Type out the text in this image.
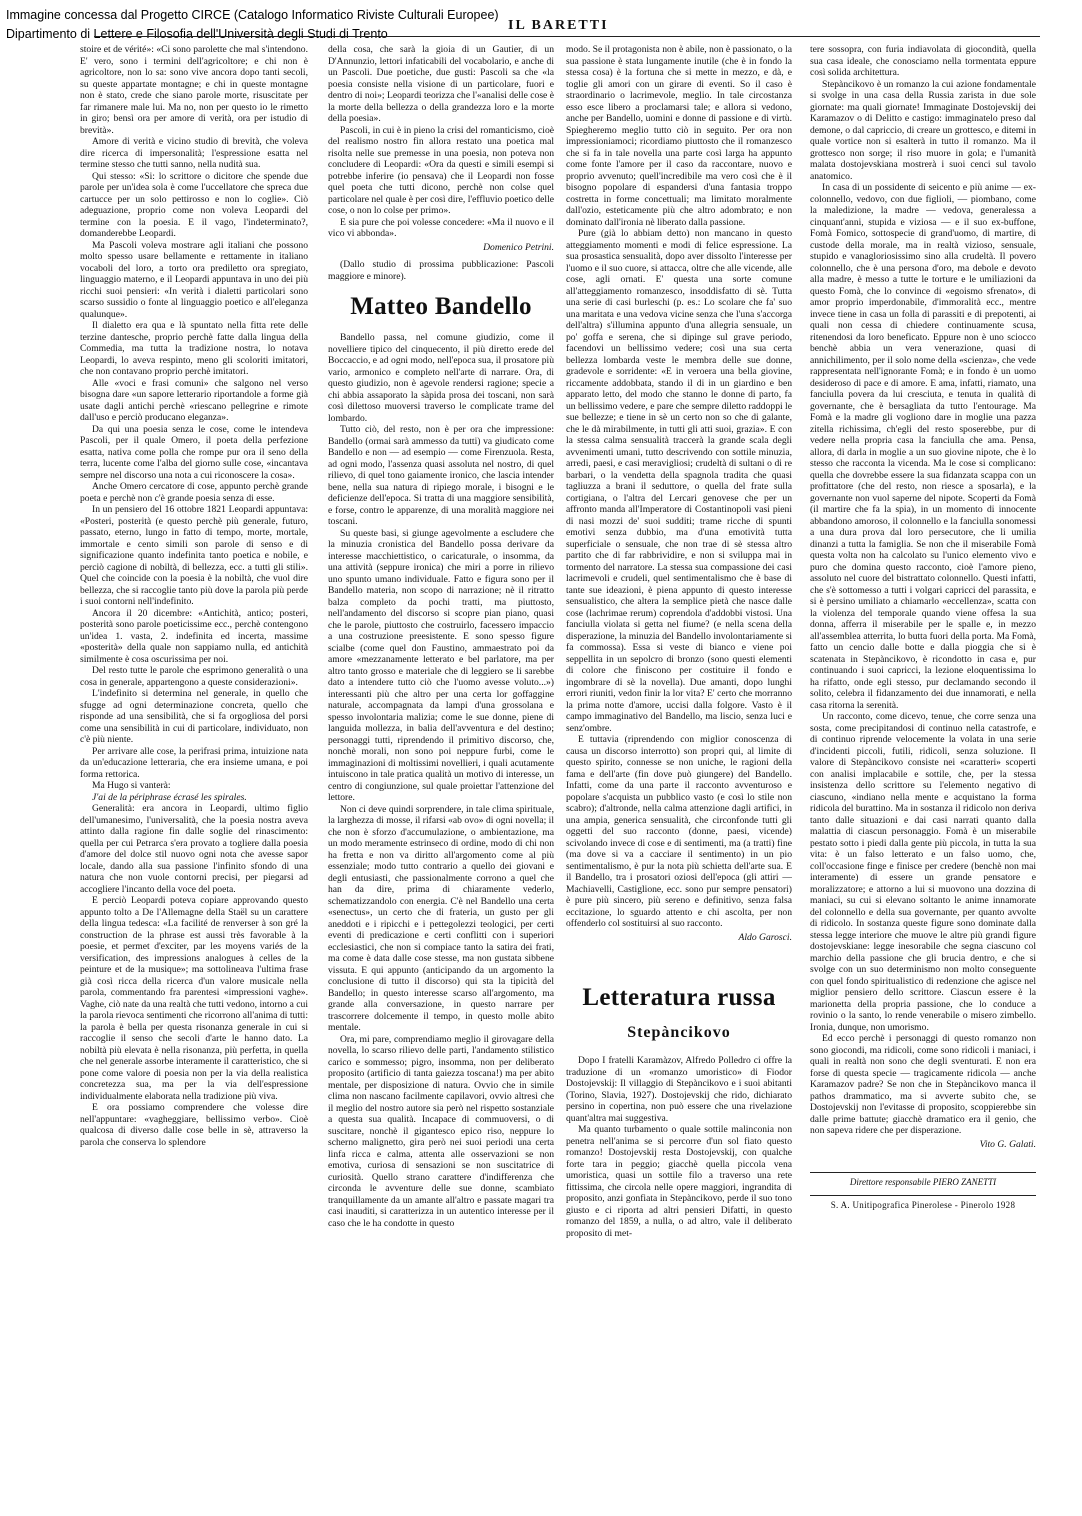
Immagine concessa dal Progetto CIRCE (Catalogo Informatico Riviste Culturali Europee)
Dipartimento di Lettere e Filosofia dell'Università degli Studi di Trento
IL BARETTI

stoire et de vérité»: «Ci sono parolette che mal s'intendono. E' vero, sono i termini dell'agricoltore; e chi non è agricoltore, non lo sa: sono vive ancora dopo tanti secoli, su queste appartate montagne; e chi in queste montagne non è stato, crede che siano parole morte, risuscitate per far rimanere male lui. Ma no, non per questo io le rimetto in giro; bensì ora per amore di verità, ora per istudio di brevità».

Amore di verità e vicino studio di brevità, che voleva dire ricerca di impersonalità; l'espressione esatta nel termine stesso che tutti sanno, nella nudità sua.

Qui stesso: «Si: lo scrittore o dicitore che spende due parole per un'idea sola è come l'uccellatore che spreca due cartucce per un solo pettirosso e non lo coglie». Ciò adeguazione, proprio come non voleva Leopardi del termine con la poesia. E il vago, l'indeterminato?, domanderebbe Leopardi.

Ma Pascoli voleva mostrare agli italiani che possono molto spesso usare bellamente e rettamente in italiano vocaboli del loro, a torto ora prediletto ora spregiato, linguaggio materno, e il Leopardi appuntava in uno dei più ricchi suoi pensieri: «In verità i dialetti particolari sono scarso sussidio o fonte al linguaggio poetico e all'eleganza qualunque».

Il dialetto era qua e là spuntato nella fitta rete delle terzine dantesche, proprio perchè fatte dalla lingua della Commedia, ma tutta la tradizione nostra, lo notava Leopardi, lo aveva respinto, meno gli scoloriti imitatori, che non contavano proprio perchè imitatori.

Alle «voci e frasi comuni» che salgono nel verso bisogna dare «un sapore letterario riportandole a forme già usate dagli antichi perchè «riescano pellegrine e rimote dall'uso e perciò producano eleganza».

Da qui una poesia senza le cose, come le intendeva Pascoli, per il quale Omero, il poeta della perfezione esatta, nativa come polla che rompe pur ora il seno della terra, lucente come l'alba del giorno sulle cose, «incantava sempre nel discorso una nota a cui riconoscere la cosa».

Anche Omero cercatore di cose, appunto perchè grande poeta e perchè non c'è grande poesia senza di esse.

In un pensiero del 16 ottobre 1821 Leopardi appuntava: «Posteri, posterità (e questo perchè più generale, futuro, passato, eterno, lungo in fatto di tempo, morte, mortale, immortale e cento simili son parole di senso e di significazione quanto indefinita tanto poetica e nobile, e perciò cagione di nobiltà, di bellezza, ecc. a tutti gli stili». Quel che coincide con la poesia è la nobiltà, che vuol dire bellezza, che si raccoglie tanto più dove la parola più perde i suoi contorni nell'indefinito.

Ancora il 20 dicembre: «Antichità, antico; posteri, posterità sono parole poeticissime ecc., perchè contengono un'idea 1. vasta, 2. indefinita ed incerta, massime «posterità» della quale non sappiamo nulla, ed antichità similmente è cosa oscurissima per noi.

Del resto tutte le parole che esprimono generalità o una cosa in generale, appartengono a queste considerazioni».

L'indefinito si determina nel generale, in quello che sfugge ad ogni determinazione concreta, quello che risponde ad una sensibilità, che si fa orgogliosa del porsi come una sensibilità in cui di particolare, individuato, non c'è più niente.

Per arrivare alle cose, la perifrasi prima, intuizione nata da un'educazione letteraria, che era insieme umana, e poi forma rettorica.

Ma Hugo si vanterà:

J'ai de la périphrase écrasé les spirales.

Generalità: era ancora in Leopardi, ultimo figlio dell'umanesimo, l'universalità, che la poesia nostra aveva attinto dalla ragione fin dalle soglie del rinascimento: quella per cui Petrarca s'era provato a togliere dalla poesia d'amore del dolce stil nuovo ogni nota che avesse sapor locale, dando alla sua passione l'infinito sfondo di una natura che non vuole contorni precisi, per piegarsi ad accogliere l'incanto della voce del poeta.

E perciò Leopardi poteva copiare approvando questo appunto tolto a De l'Allemagne della Staël su un carattere della lingua tedesca: «La facilité de renverser à son gré la construction de la phrase est aussi très favorable à la poesie, et permet d'exciter, par les moyens variés de la versification, des impressions analogues à celles de la peinture et de la musique»; ma sottolineava l'ultima frase già così ricca della ricerca d'un valore musicale nella parola, commentando fra parentesi «impressioni vaghe». Vaghe, ciò nate da una realtà che tutti vedono, intorno a cui la parola rievoca sentimenti che ricorrono all'anima di tutti: la parola è bella per questa risonanza generale in cui si raccoglie il senso che secoli d'arte le hanno dato. La nobiltà più elevata è nella risonanza, più perfetta, in quella che nel generale assorbe interamente il caratteristico, che si pone come valore di poesia non per la via della realistica concretezza sua, ma per la via dell'espressione individualmente elaborata nella tradizione più viva.

E ora possiamo comprendere che volesse dire nell'appuntare: «vagheggiare, bellissimo verbo». Cioè qualcosa di diverso dalle cose belle in sè, attraverso la parola che conserva lo splendore

della cosa, che sarà la gioia di un Gautier, di un D'Annunzio, lettori infaticabili del vocabolario, e anche di un Pascoli. Due poetiche, due gusti: Pascoli sa che «la poesia consiste nella visione di un particolare, fuori e dentro di noi»; Leopardi teorizza che l'«analisi delle cose è la morte della bellezza o della grandezza loro e la morte della poesia».

Pascoli, in cui è in pieno la crisi del romanticismo, cioè del realismo nostro fin allora restato una poetica mal risolta nelle sue premesse in una poesia, non poteva non concludere di Leopardi: «Ora da questi e simili esempi si potrebbe inferire (io pensava) che il Leopardi non fosse quel poeta che tutti dicono, perchè non colse quel particolare nel quale è per così dire, l'effluvio poetico delle cose, o non lo colse per primo».

E sia pure che poi volesse concedere: «Ma il nuovo e il vico vi abbonda».

Domenico Petrini.

(Dallo studio di prossima pubblicazione: Pascoli maggiore e minore).

Matteo Bandello

Bandello passa, nel comune giudizio, come il novelliere tipico del cinquecento, il più diretto erede del Boccaccio, e ad ogni modo, nell'epoca sua, il prosatore più vario, armonico e completo nell'arte di narrare. Ora, di questo giudizio, non è agevole rendersi ragione; specie a chi abbia assaporato la sàpida prosa dei toscani, non sarà così dilettoso muoversi traverso le complicate trame del lombardo.

Tutto ciò, del resto, non è per ora che impressione: Bandello (ormai sarà ammesso da tutti) va giudicato come Bandello e non — ad esempio — come Firenzuola. Resta, ad ogni modo, l'assenza quasi assoluta nel nostro, di quel rilievo, di quel tono gaiamente ironico, che lascia intender bene, nella sua natura di ripiego morale, i bisogni e le deficienze dell'epoca. Si tratta di una maggiore sensibilità, e forse, contro le apparenze, di una moralità maggiore nei toscani.

Su queste basi, si giunge agevolmente a escludere che la minuzia cronistica del Bandello possa derivare da interesse macchiettistico, o caricaturale, o insomma, da una attività (seppure ironica) che miri a porre in rilievo uno spunto umano individuale. Fatto e figura sono per il Bandello materia, non scopo di narrazione; nè il ritratto balza completo da pochi tratti, ma piuttosto, nell'andamento del discorso si scopre pian piano, quasi che le parole, piuttosto che costruirlo, facessero impaccio a una costruzione preesistente. E sono spesso figure scialbe (come quel don Faustino, ammaestrato poi da amore «mezzanamente letterato e bel parlatore, ma per altro tanto grosso e materiale che di leggiero se li sarebbe dato a intendere tutto ciò che l'uomo avesse voluto...») interessanti più che altro per una certa lor goffaggine naturale, accompagnata da lampi d'una grossolana e spesso involontaria malizia; come le sue donne, piene di languida mollezza, in balia dell'avventura e del destino; personaggi tutti, riprendendo il primitivo discorso, che, nonchè morali, non sono poi neppure furbi, come le immaginazioni di moltissimi novellieri, i quali acutamente intuiscono in tale pratica qualità un motivo di interesse, un centro di congiunzione, sul quale proiettar l'attenzione del lettore.

Non ci deve quindi sorprendere, in tale clima spirituale, la larghezza di mosse, il rifarsi «ab ovo» di ogni novella; il che non è sforzo d'accumulazione, o ambientazione, ma un modo meramente estrinseco di ordine, modo di chi non ha fretta e non va diritto all'argomento come al più essenziale; modo tutto contrario a quello dei giovani e degli entusiasti, che passionalmente corrono a quel che han da dire, prima di chiaramente vederlo, schematizzandolo con energia. C'è nel Bandello una certa «senectus», un certo che di frateria, un gusto per gli aneddoti e i ripicchi e i pettegolezzi teologici, per certi eventi di predicazione e certi conflitti con i superiori ecclesiastici, che non si compiace tanto la satira dei frati, ma come è data dalle cose stesse, ma non gustata sibbene vissuta. E qui appunto (anticipando da un argomento la conclusione di tutto il discorso) qui sta la tipicità del Bandello; in questo interesse scarso all'argomento, ma grande alla conversazione, in questo narrare per trascorrere dolcemente il tempo, in questo molle abito mentale.

Ora, mi pare, comprendiamo meglio il girovagare della novella, lo scarso rilievo delle parti, l'andamento stilistico carico e sommesso; pigro, insomma, non per deliberato proposito (artificio di tanta gaiezza toscana!) ma per abito mentale, per disposizione di natura. Ovvio che in simile clima non nascano facilmente capilavori, ovvio altresì che il meglio del nostro autore sia però nel rispetto sostanziale a questa sua qualità. Incapace di commuoversi, o di suscitare, nonchè il gigantesco epico riso, neppure lo scherno malignetto, gira però nei suoi periodi una certa linfa ricca e calma, attenta alle osservazioni se non emotiva, curiosa di sensazioni se non suscitatrice di curiosità. Quello strano carattere d'indifferenza che circonda le avventure delle sue donne, scambiato tranquillamente da un amante all'altro e passate magari tra casi inauditi, si caratterizza in un autentico interesse per il caso che le ha condotte in questo

modo. Se il protagonista non è abile, non è passionato, o la sua passione è stata lungamente inutile (che è in fondo la stessa cosa) è la fortuna che si mette in mezzo, e dà, e toglie gli amori con un girare di eventi. So il caso è straordinario o lacrimevole, meglio. In tale circostanza esso esce libero a proclamarsi tale; e allora si vedono, anche per Bandello, uomini e donne di passione e di virtù. Spiegheremo meglio tutto ciò in seguito. Per ora non impressioniamoci; ricordiamo piuttosto che il romanzesco che si fa in tale novella una parte così larga ha appunto come fonte l'amore per il caso da raccontare, nuovo e proprio avvenuto; quell'incredibile ma vero così che è il bisogno popolare di espandersi d'una fantasia troppo costretta in forme concettuali; ma limitato moralmente dall'ozio, esteticamente più che altro adombrato; e non dominato dall'ironia nè liberato dalla passione.

Pure (già lo abbiam detto) non mancano in questo atteggiamento momenti e modi di felice espressione. La sua prosastica sensualità, dopo aver dissolto l'interesse per l'uomo e il suo cuore, si attacca, oltre che alle vicende, alle cose, agli ornati. E' questa una sorte comune all'atteggiamento romanzesco, insoddisfatto di sè. Tutta una serie di casi burleschi (p. es.: Lo scolare che fa' suo una maritata e una vedova vicine senza che l'una s'accorga dell'altra) s'illumina appunto d'una allegria sensuale, un po' goffa e serena, che si dipinge sul grave periodo, facendovi un bellissimo vedere; così una sua certa bellezza lombarda veste le membra delle sue donne, gradevole e sorridente: «E in veroera una bella giovine, riccamente addobbata, stando il di in un giardino e ben apparato letto, del modo che stanno le donne di parto, fa un bellissimo vedere, e pare che sempre diletto raddoppi le sue bellezze; e tiene in sè un certo non so che di galante, che le dà mirabilmente, in tutti gli atti suoi, grazia». E con la stessa calma sensualità traccerà la grande scala degli avvenimenti umani, tutto descrivendo con sottile minuzia, arredi, paesi, e casi meravigliosi; crudeltà di sultani o di re barbari, o la vendetta della spagnola tradita che quasi tagliuzza a brani il seduttore, o quella del frate sulla cortigiana, o l'altra del Lercari genovese che per un affronto manda all'Imperatore di Costantinopoli vasi pieni di nasi mozzi de' suoi sudditi; trame ricche di spunti emotivi senza dubbio, ma d'una emotività tutta superficiale o sensuale, che non trae di sè stessa altro partito che di far rabbrividire, e non si sviluppa mai in tormento del narratore. La stessa sua compassione dei casi lacrimevoli e crudeli, quel sentimentalismo che è base di tante sue ideazioni, è piena appunto di questo interesse sensualistico, che altera la semplice pietà che nasce dalle cose (lachrimae rerum) coprendola d'addobbi vistosi. Una fanciulla violata si getta nel fiume? (e nella scena della disperazione, la minuzia del Bandello involontariamente si fa commossa). Essa si veste di bianco e viene poi seppellita in un sepolcro di bronzo (sono questi elementi di colore che finiscono per costituire il fondo e ingombrare di sè la novella). Due amanti, dopo lunghi errori riuniti, vedon finir la lor vita? E' certo che morranno la prima notte d'amore, uccisi dalla folgore. Vasto è il campo immaginativo del Bandello, ma liscio, senza luci e senz'ombre.

E tuttavia (riprendendo con miglior conoscenza di causa un discorso interrotto) son propri qui, al limite di questo spirito, connesse se non uniche, le ragioni della fama e dell'arte (fin dove può giungere) del Bandello. Infatti, come da una parte il racconto avventuroso e popolare s'acquista un pubblico vasto (e così lo stile non scabro); d'altronde, nella calma attenzione dagli artifici, in una ampia, generica sensualità, che circonfonde tutti gli oggetti del suo racconto (donne, paesi, vicende) scivolando invece di cose e di sentimenti, ma (a tratti) fine (ma dove si va a cacciare il sentimento) in un pio sentimentalismo, è pur la nota più schietta dell'arte sua. E il Bandello, tra i prosatori oziosi dell'epoca (gli attiri — Machiavelli, Castiglione, ecc. sono pur sempre pensatori) è pure più sincero, più sereno e definitivo, senza falsa eccitazione, lo sguardo attento e chi ascolta, per non offenderlo col sostituirsi al suo racconto.

Aldo Garosci.

Letteratura russa
Stepàncikovo

Dopo I fratelli Karamàzov, Alfredo Polledro ci offre la traduzione di un «romanzo umoristico» di Fiodor Dostojevskij: Il villaggio di Stepàncikovo e i suoi abitanti (Torino, Slavia, 1927). Dostojevskij che rido, dichiarato persino in copertina, non può essere che una rivelazione quant'altra mai suggestiva.

Ma quanto turbamento o quale sottile malinconia non penetra nell'anima se si percorre d'un sol fiato questo romanzo! Dostojevskij resta Dostojevskij, con qualche forte tara in peggio; giacchè quella piccola vena umoristica, quasi un sottile filo a traverso una rete fittissima, che circola nelle opere maggiori, ingrandita di proposito, anzi gonfiata in Stepàncikovo, perde il suo tono giusto e ci riporta ad altri pensieri Difatti, in questo romanzo del 1859, a nulla, o ad altro, vale il deliberato proposito di met-

tere sossopra, con furia indiavolata di giocondità, quella sua casa ideale, che conosciamo nella tormentata eppure così solida architettura.

Stepàncikovo è un romanzo la cui azione fondamentale si svolge in una casa della Russia zarista in due sole giornate: ma quali giornate! Immaginate Dostojevskij dei Karamazov o di Delitto e castigo: immaginatelo preso dal demone, o dal capriccio, di creare un grottesco, e ditemi in quale vortice non si esalterà in tutto il romanzo. Ma il grottesco non sorge; il riso muore in gola; e l'umanità malata dostojevskiana mostrerà i suoi cenci sul tavolo anatomico.

In casa di un possidente di seicento e più anime — ex-colonnello, vedovo, con due figlioli, — piombano, come la maledizione, la madre — vedova, generalessa a cinquant'anni, stupida e viziosa — e il suo ex-buffone, Fomà Fomico, sottospecie di grand'uomo, di martire, di custode della morale, ma in realtà vizioso, sensuale, stupido e vanagloriosissimo sino alla crudeltà. Il povero colonnello, che è una persona d'oro, ma debole e devoto alla madre, è messo a tutte le torture e le umiliazioni da questo Fomà, che lo convince di «egoismo sfrenato», di amor proprio imperdonabile, d'immoralità ecc., mentre invece tiene in casa un folla di parassiti e di prepotenti, ai quali non cessa di chiedere continuamente scusa, ritenendosi da loro beneficato. Eppure non è uno sciocco benchè abbia un vera venerazione, quasi di annichilimento, per il solo nome della «scienza», che vede rappresentata nell'ignorante Fomà; e in fondo è un uomo desideroso di pace e di amore. E ama, infatti, riamato, una fanciulla povera da lui cresciuta, e tenuta in qualità di governante, che è bersagliata da tutto l'entourage. Ma Fomà e la madre gli vogliono dare in moglie una pazza zitella richissima, ch'egli del resto sposerebbe, pur di vedere nella propria casa la fanciulla che ama. Pensa, allora, di darla in moglie a un suo giovine nipote, che è lo stesso che racconta la vicenda. Ma le cose si complicano: quella che dovrebbe essere la sua fidanzata scappa con un profittatore (che del resto, non riesce a sposarla), e la governante non vuol saperne del nipote. Scoperti da Fomà (il martire che fa la spia), in un momento di innocente abbandono amoroso, il colonnello e la fanciulla sonomessi a una dura prova dal loro persecutore, che li umilia dinanzi a tutta la famiglia. Se non che il miserabile Fomà questa volta non ha calcolato su l'unico elemento vivo e puro che domina questo racconto, cioè l'amore pieno, assoluto nel cuore del bistrattato colonnello. Questi infatti, che s'è sottomesso a tutti i volgari capricci del parassita, e si è persino umiliato a chiamarlo «eccellenza», scatta con la violenza del temporale quando viene offesa la sua donna, afferra il miserabile per le spalle e, in mezzo all'assemblea atterrita, lo butta fuori della porta. Ma Fomà, fatto un cencio dalle botte e dalla pioggia che si è scatenata in Stepàncikovo, è ricondotto in casa e, pur continuando i suoi capricci, la lezione eloquentissima lo ha rifatto, onde egli stesso, pur declamando secondo il solito, celebra il fidanzamento dei due innamorati, e nella casa ritorna la serenità.

Un racconto, come dicevo, tenue, che corre senza una sosta, come precipitandosi di continuo nella catastrofe, e di continuo riprende velocemente la volata in una serie d'incidenti piccoli, futili, ridicoli, senza soluzione. Il valore di Stepàncikovo consiste nei «caratteri» scoperti con analisi implacabile e sottile, che, per la stessa insistenza dello scrittore su l'elemento negativo di ciascuno, «indiano nella mente e acquistano la forma ridicola del burattino. Ma in sostanza il ridicolo non deriva tanto dalle situazioni e dai casi narrati quanto dalla malattia di ciascun personaggio. Fomà è un miserabile pestato sotto i piedi dalla gente più piccola, in tutta la sua vita: è un falso letterato e un falso uomo, che, coll'occasione finge e finisce per credere (benchè non mai interamente) di essere un grande pensatore e moralizzatore; e attorno a lui si muovono una dozzina di maniaci, su cui si elevano soltanto le anime innamorate del colonnello e della sua governante, per quanto avvolte di ridicolo. In sostanza queste figure sono dominate dalla stessa legge interiore che muove le altre più grandi figure dostojevskiane: legge inesorabile che segna ciascuno col marchio della passione che gli brucia dentro, e che si svolge con un suo determinismo non molto conseguente con quel fondo spiritualistico di redenzione che agisce nel miglior pensiero dello scrittore. Ciascun essere è la marionetta della propria passione, che lo conduce a rovinio o la santo, lo rende venerabile o misero zimbello. Ironia, dunque, non umorismo.

Ed ecco perchè i personaggi di questo romanzo non sono giocondi, ma ridicoli, come sono ridicoli i maniaci, i quali in realtà non sono che degli sventurati. E non era forse di questa specie — tragicamente ridicola — anche Karamazov padre? Se non che in Stepàncikovo manca il pathos drammatico, ma si avverte subito che, se Dostojevskij non l'evitasse di proposito, scoppierebbe sin dalle prime battute; giacchè dramatico era il genio, che non sapeva ridere che per disperazione.

Vito G. Galati.

Direttore responsabile PIERO ZANETTI
S. A. Unitipografica Pinerolese - Pinerolo 1928
